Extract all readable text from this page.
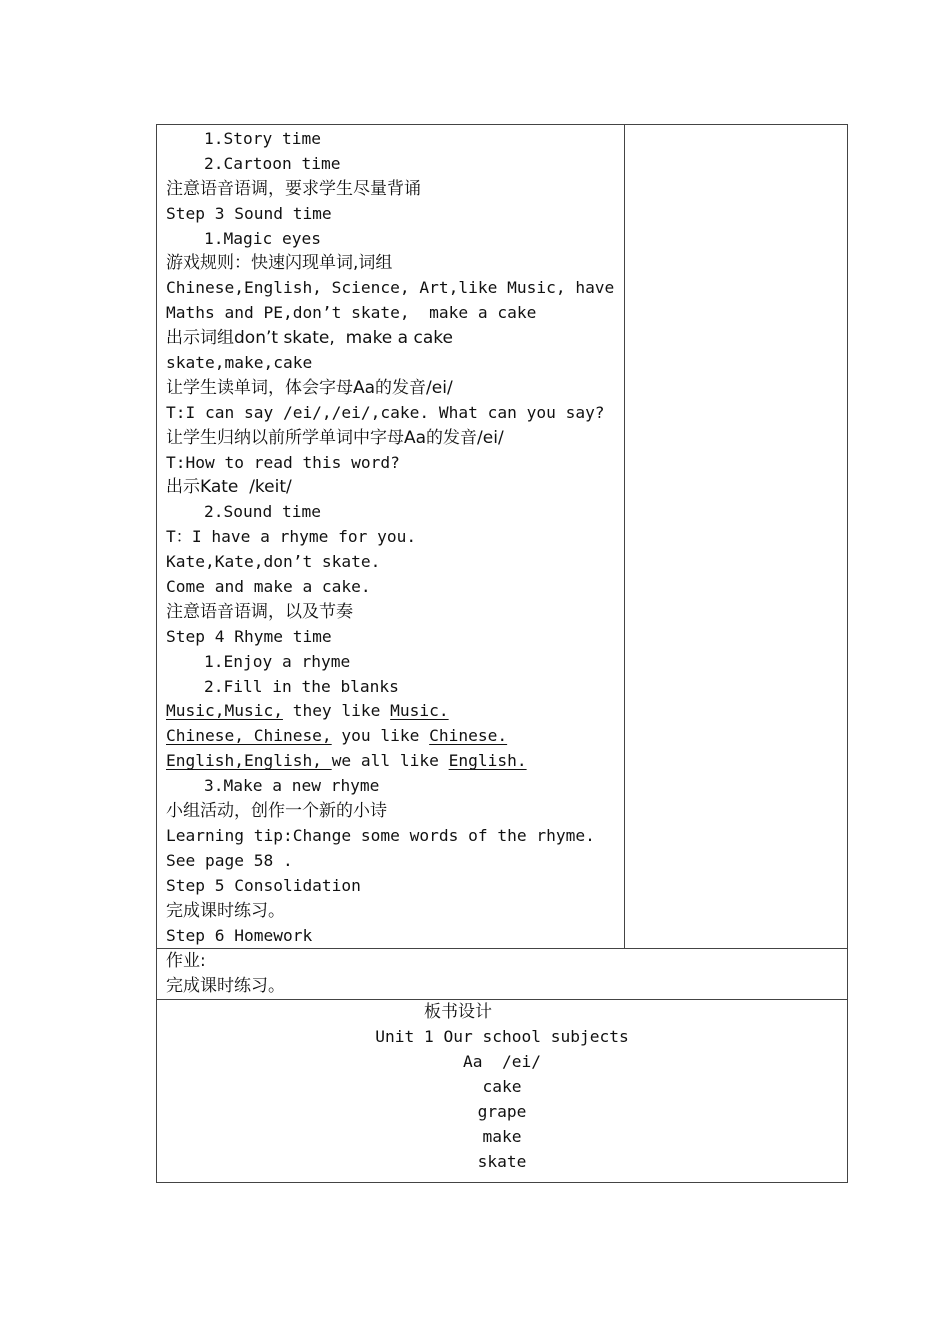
1.Story time
2.Cartoon time
注意语音语调，要求学生尽量背诵
Step 3 Sound time
1.Magic eyes
游戏规则：快速闪现单词,词组
Chinese,English, Science, Art,like Music, have
Maths and PE,don’t skate,  make a cake
出示词组don’t skate,  make a cake
skate,make,cake
让学生读单词，体会字母Aa的发音/ei/
T:I can say /ei/,/ei/,cake. What can you say?
让学生归纳以前所学单词中字母Aa的发音/ei/
T:How to read this word?
出示Kate  /keit/
2.Sound time
T：I have a rhyme for you.
Kate,Kate,don’t skate.
Come and make a cake.
注意语音语调，以及节奏
Step 4 Rhyme time
1.Enjoy a rhyme
2.Fill in the blanks
Music,Music, they like Music.
Chinese, Chinese, you like Chinese.
English,English, we all like English.
3.Make a new rhyme
小组活动，创作一个新的小诗
Learning tip:Change some words of the rhyme.
See page 58 .
Step 5 Consolidation
完成课时练习。
Step 6 Homework

作业:
完成课时练习。

板书设计
Unit 1 Our school subjects
Aa  /ei/
cake
grape
make
skate
